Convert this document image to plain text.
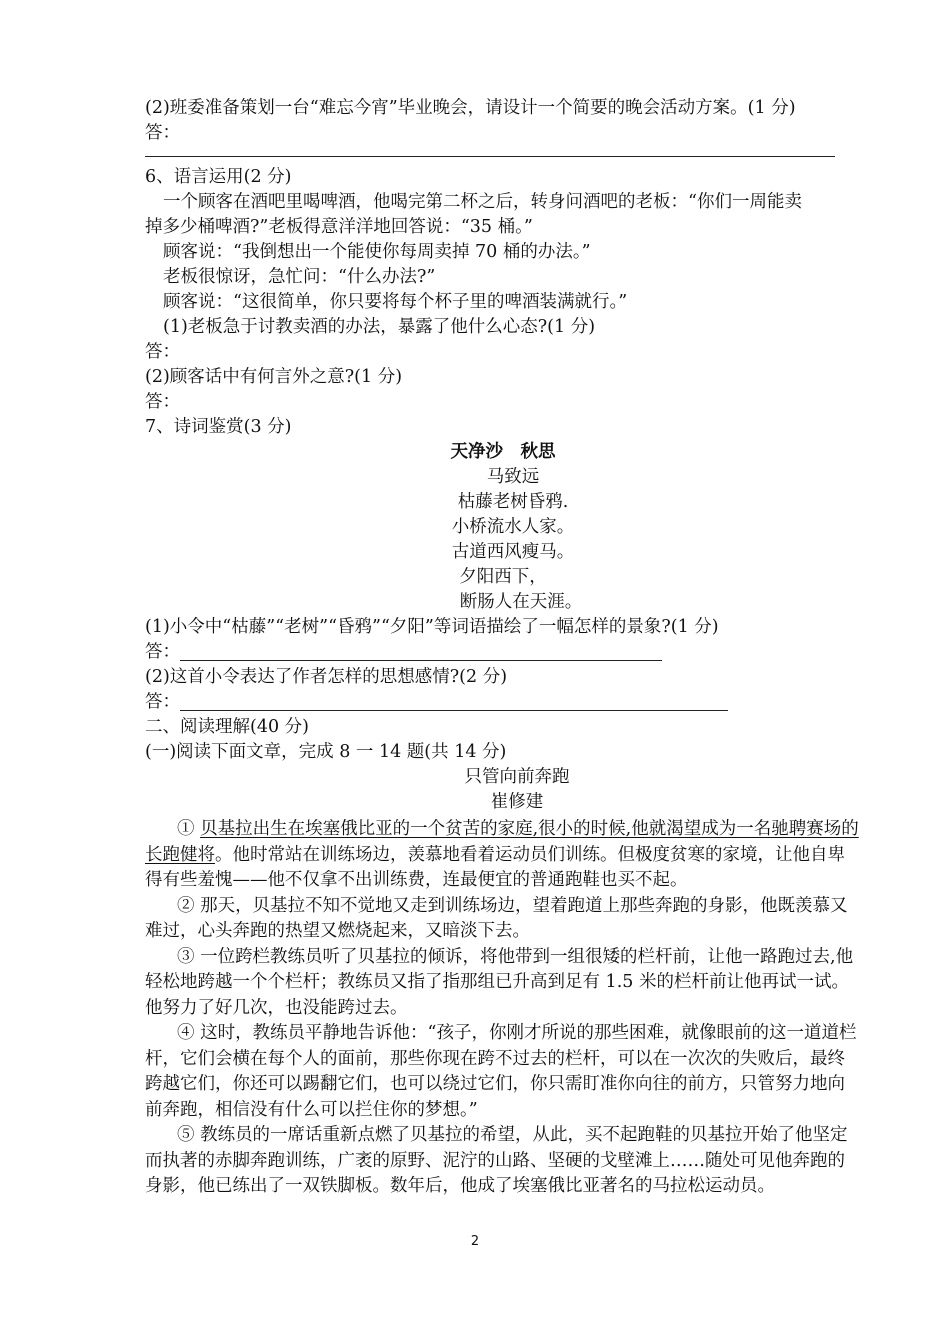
(2)班委准备策划一台“难忘今宵”毕业晚会，请设计一个简要的晚会活动方案。(1 分)
答：
6、语言运用(2 分)
一个顾客在酒吧里喝啤酒，他喝完第二杯之后，转身问酒吧的老板：“你们一周能卖
掉多少桶啤酒?”老板得意洋洋地回答说：“35 桶。”
顾客说：“我倒想出一个能使你每周卖掉 70 桶的办法。”
老板很惊讶，急忙问：“什么办法?”
顾客说：“这很简单，你只要将每个杯子里的啤酒装满就行。”
(1)老板急于讨教卖酒的办法，暴露了他什么心态?(1 分)
答：
(2)顾客话中有何言外之意?(1 分)
答：
7、诗词鉴赏(3 分)
天净沙　秋思
马致远
枯藤老树昏鸦.
小桥流水人家。
古道西风瘦马。
夕阳西下，
断肠人在天涯。
(1)小令中“枯藤”“老树”“昏鸦”“夕阳”等词语描绘了一幅怎样的景象?(1 分)
答：
(2)这首小令表达了作者怎样的思想感情?(2 分)
答：
二、阅读理解(40 分)
(一)阅读下面文章，完成 8 一 14 题(共 14 分)
只管向前奔跑
崔修建
① 贝基拉出生在埃塞俄比亚的一个贫苦的家庭,很小的时候,他就渴望成为一名驰聘赛场的长跑健将。他时常站在训练场边，羡慕地看着运动员们训练。但极度贫寒的家境，让他自卑得有些羞愧——他不仅拿不出训练费，连最便宜的普通跑鞋也买不起。
② 那天，贝基拉不知不觉地又走到训练场边，望着跑道上那些奔跑的身影，他既羡慕又难过，心头奔跑的热望又燃烧起来，又暗淡下去。
③ 一位跨栏教练员听了贝基拉的倾诉，将他带到一组很矮的栏杆前，让他一路跑过去,他轻松地跨越一个个栏杆；教练员又指了指那组已升高到足有 1.5 米的栏杆前让他再试一试。他努力了好几次，也没能跨过去。
④ 这时，教练员平静地告诉他：“孩子，你刚才所说的那些困难，就像眼前的这一道道栏杆，它们会横在每个人的面前，那些你现在跨不过去的栏杆，可以在一次次的失败后，最终跨越它们，你还可以踢翻它们，也可以绕过它们，你只需盯准你向往的前方，只管努力地向前奔跑，相信没有什么可以拦住你的梦想。”
⑤ 教练员的一席话重新点燃了贝基拉的希望，从此，买不起跑鞋的贝基拉开始了他坚定而执著的赤脚奔跑训练，广袤的原野、泥泞的山路、坚硬的戈壁滩上……随处可见他奔跑的身影，他已练出了一双铁脚板。数年后，他成了埃塞俄比亚著名的马拉松运动员。
2
